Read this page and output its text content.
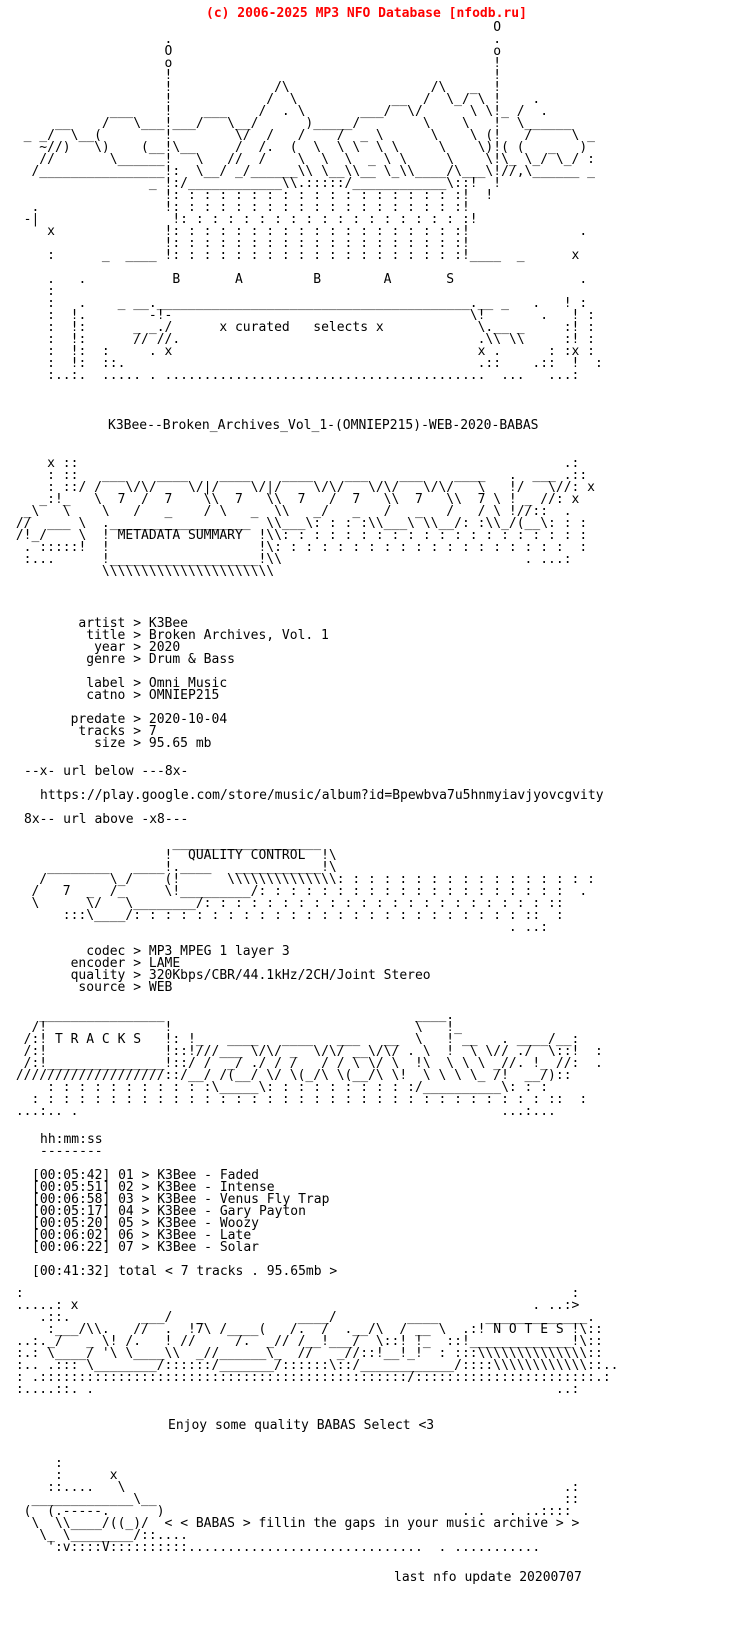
(c) 2006-2025 MP3 NFO Database [nfodb.ru]
O
.                                         .
O                                         o
o                                         !
!                                         !
!             /\                  /\   _  !
!            /  \            __  /  \_/ \ !    .
___    !    ___    /  . \       ___/  \/      \ \!_ /  .
__    /   \___!___/   \__/      )_____/        \    \   !  \______
_ _/  \__(        !        \/  /   /    /  _ \      \    \ (!   /     \ _
~//)   \)    (__!\__     /  /.  (  \  \ \  \ \     \    \)!( (   _   )
//       \______!   \   //  /    \  \  \  _ \ \     \    \!\_ \_/ \_/ :
/________________!:  \__/ _/______\\ \__\\__ \_\\____/\___\!//,\______ _
_ !:/____________\\.:::::/____________\::!  !
!: : : : : : : : : : : : : : : : : : :!  !
.                !: : : : : : : : : : : : : : : : : : :!
-|                 !: : : : : : : : : : : : : : : : : : :!
x              !: : : : : : : : : : : : : : : : : : :!              .
!: : : : : : : : : : : : : : : : : : :!
:      _  ____ !: : : : : : : : : : : : : : : : : : :!____  _      x

.   .           B       A         B        A       S                .
:
:   .    _ __.________________________________________.__ _   .   ! :
:  !.        -!-                                      \!       .   ! :
:  !:      _ _./      x curated   selects x            \.__ _     :! :
:  !:      // //.                                      .\\ \\     :! :
:  !:  :     . x                                       x .      : :x :
:  !:  ::.                                             .::    .::  !  :
:..:.  ..... . .........................................  ...   ...:
K3Bee--Broken_Archives_Vol_1-(OMNIEP215)-WEB-2020-BABAS
x ::                                                              .:
: ::   ___    ____    ____    ____    ___    ___    ____   .  ___ .::
: ::/ /   \/\/    \/|/    \/|/    \/\/   \/\/   \/\/   \   !/   \//: x
_:!_   \  7  /  7    \\  7   \\  7   /  7   \\  7   \\  7 \ ! _ //: x
_\   \    \   /   _    / \   _  \\   _/   _   /   _   /   / \ !//::  .
//  ___ \  .__________________  \\___\: : : :\\___\ \\__/: :\\_/(__\: : :
/!_/    \  ! METADATA SUMMARY  !\\: : : : : : : : : : : : : : : : : : : :
. :::::!  !                   !\: : : : : : : : : : : : : : : : : : :  :
:...      !___________________!\\                               . ...:
\\\\\\\\\\\\\\\\\\\\\\
artist > K3Bee
title > Broken Archives, Vol. 1
year > 2020
genre > Drum & Bass
label > Omni Music
catno > OMNIEP215
predate > 2020-10-04
tracks > 7
size > 95.65 mb
--x- url below ---8x-
https://play.google.com/store/music/album?id=Bpewbva7u5hnmyiavjyovcgvity
8x-- url above -x8---
___________________
!  QUALITY CONTROL  !\
________   ____!.____   ___________!\
/        \_/    (!      \\\\\\\\\\\\\\: : : : : : : : : : : : : : : : :
/   7  _  /_     \!_________/: : : : : : : : : : : : : : : : : : : :  .
\      \/   \________/: : : : : : : : : : : : : : : : : : : : : : ::
:::\____/: : : : : : : : : : : : : : : : : : : : : : : : : ::  :
. ..:
codec > MP3 MPEG 1 layer 3
encoder > LAME
quality > 320Kbps/CBR/44.1kHz/2CH/Joint Stereo
source > WEB
________________                                ____.
/!               !                               \   !_
/:! T R A C K S   !: !_   ____   ____   ___   __  \   ! __   . ____/__:
/:!               !::!///___ \/\/ _  \/\/ __\/\/ . \  !  \ \// ./  \::!  :
/:!_______________!::/ /  _/ ./ / /   / / \ \/ \  !\  \ \ \ _//. !_ //:  .
///////////////////::/__/ /(__/ \/ \(_/\ \(__/\ \!  \ \ \ \_ /!  __/)::
: : : : : : : : : : :\_____\: : : : : : : : : :/__________\: : :
: : : : : : : : : : : : : : : : : : : : : : : : : : : : : : : : : ::  :
...:.. .                                                      ...:...
hh:mm:ss
--------
[00:05:42] 01 > K3Bee - Faded
[00:05:51] 02 > K3Bee - Intense
[00:06:58] 03 > K3Bee - Venus Fly Trap
[00:05:17] 04 > K3Bee - Gary Payton
[00:05:20] 05 > K3Bee - Woozy
[00:06:02] 06 > K3Bee - Late
[00:06:22] 07 > K3Bee - Solar
[00:41:32] total < 7 tracks . 95.65mb >
:                                                                      :
.....: x                                                          . ..:>
.::.         ___/   _            ____/         ____      _____________.
:___/\\.   //  .  !7\ /____(   /.  /  .__/\  / __ \  .:! N O T E S !\::
..:._/   _ \! /.   ! //     /.  _// /__!___/  \::! !_  ::!_____________!\::
:.: \____/ '\ \____\\  _//______\_  //   _//::!__!_!  : :::\\\\\\\\\\\\\\::
:.. .::: \________/::::::/_______/::::::\::/____________/::::\\\\\\\\\\\\::..
: .:::::::::::::::::::::::::::::::::::::::::::::::/:::::::::::::::::::::::.:
:....::. .                                                           ..:
Enjoy some quality BABAS Select <3
:
:      x
::....   \                                                        .:
_____________\__                                                    ::
(  (.-----.      )                                      . .   . ..::::
\  \\____/((_)/  < < BABAS > fillin the gaps in your music archive > >
\_ \________/::....
':v::::V::::::::::..............................  . ...........
last nfo update 20200707
